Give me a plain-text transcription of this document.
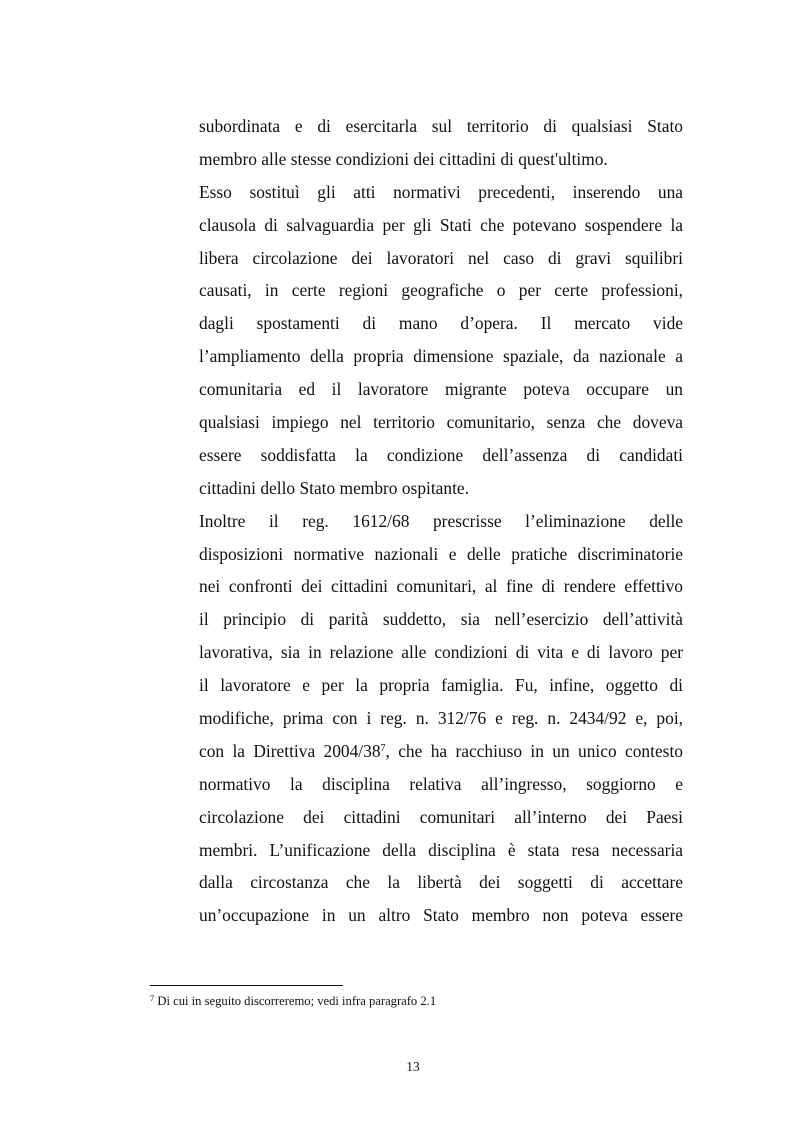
subordinata e di esercitarla sul territorio di qualsiasi Stato
membro alle stesse condizioni dei cittadini di quest'ultimo.
Esso sostituì gli atti normativi precedenti, inserendo una
clausola di salvaguardia per gli Stati che potevano sospendere la
libera circolazione dei lavoratori nel caso di gravi squilibri
causati, in certe regioni geografiche o per certe professioni,
dagli spostamenti di mano d’opera. Il mercato vide
l’ampliamento della propria dimensione spaziale, da nazionale a
comunitaria ed il lavoratore migrante poteva occupare un
qualsiasi impiego nel territorio comunitario, senza che doveva
essere soddisfatta la condizione dell’assenza di candidati
cittadini dello Stato membro ospitante.
Inoltre il reg. 1612/68 prescrisse l’eliminazione delle
disposizioni normative nazionali e delle pratiche discriminatorie
nei confronti dei cittadini comunitari, al fine di rendere effettivo
il principio di parità suddetto, sia nell’esercizio dell’attività
lavorativa, sia in relazione alle condizioni di vita e di lavoro per
il lavoratore e per la propria famiglia. Fu, infine, oggetto di
modifiche, prima con i reg. n. 312/76 e reg. n. 2434/92 e, poi,
con la Direttiva 2004/38$^7$, che ha racchiuso in un unico contesto
normativo la disciplina relativa all’ingresso, soggiorno e
circolazione dei cittadini comunitari all’interno dei Paesi
membri. L’unificazione della disciplina è stata resa necessaria
dalla circostanza che la libertà dei soggetti di accettare
un’occupazione in un altro Stato membro non poteva essere
$^7$ Di cui in seguito discorreremo; vedi infra paragrafo 2.1
13
